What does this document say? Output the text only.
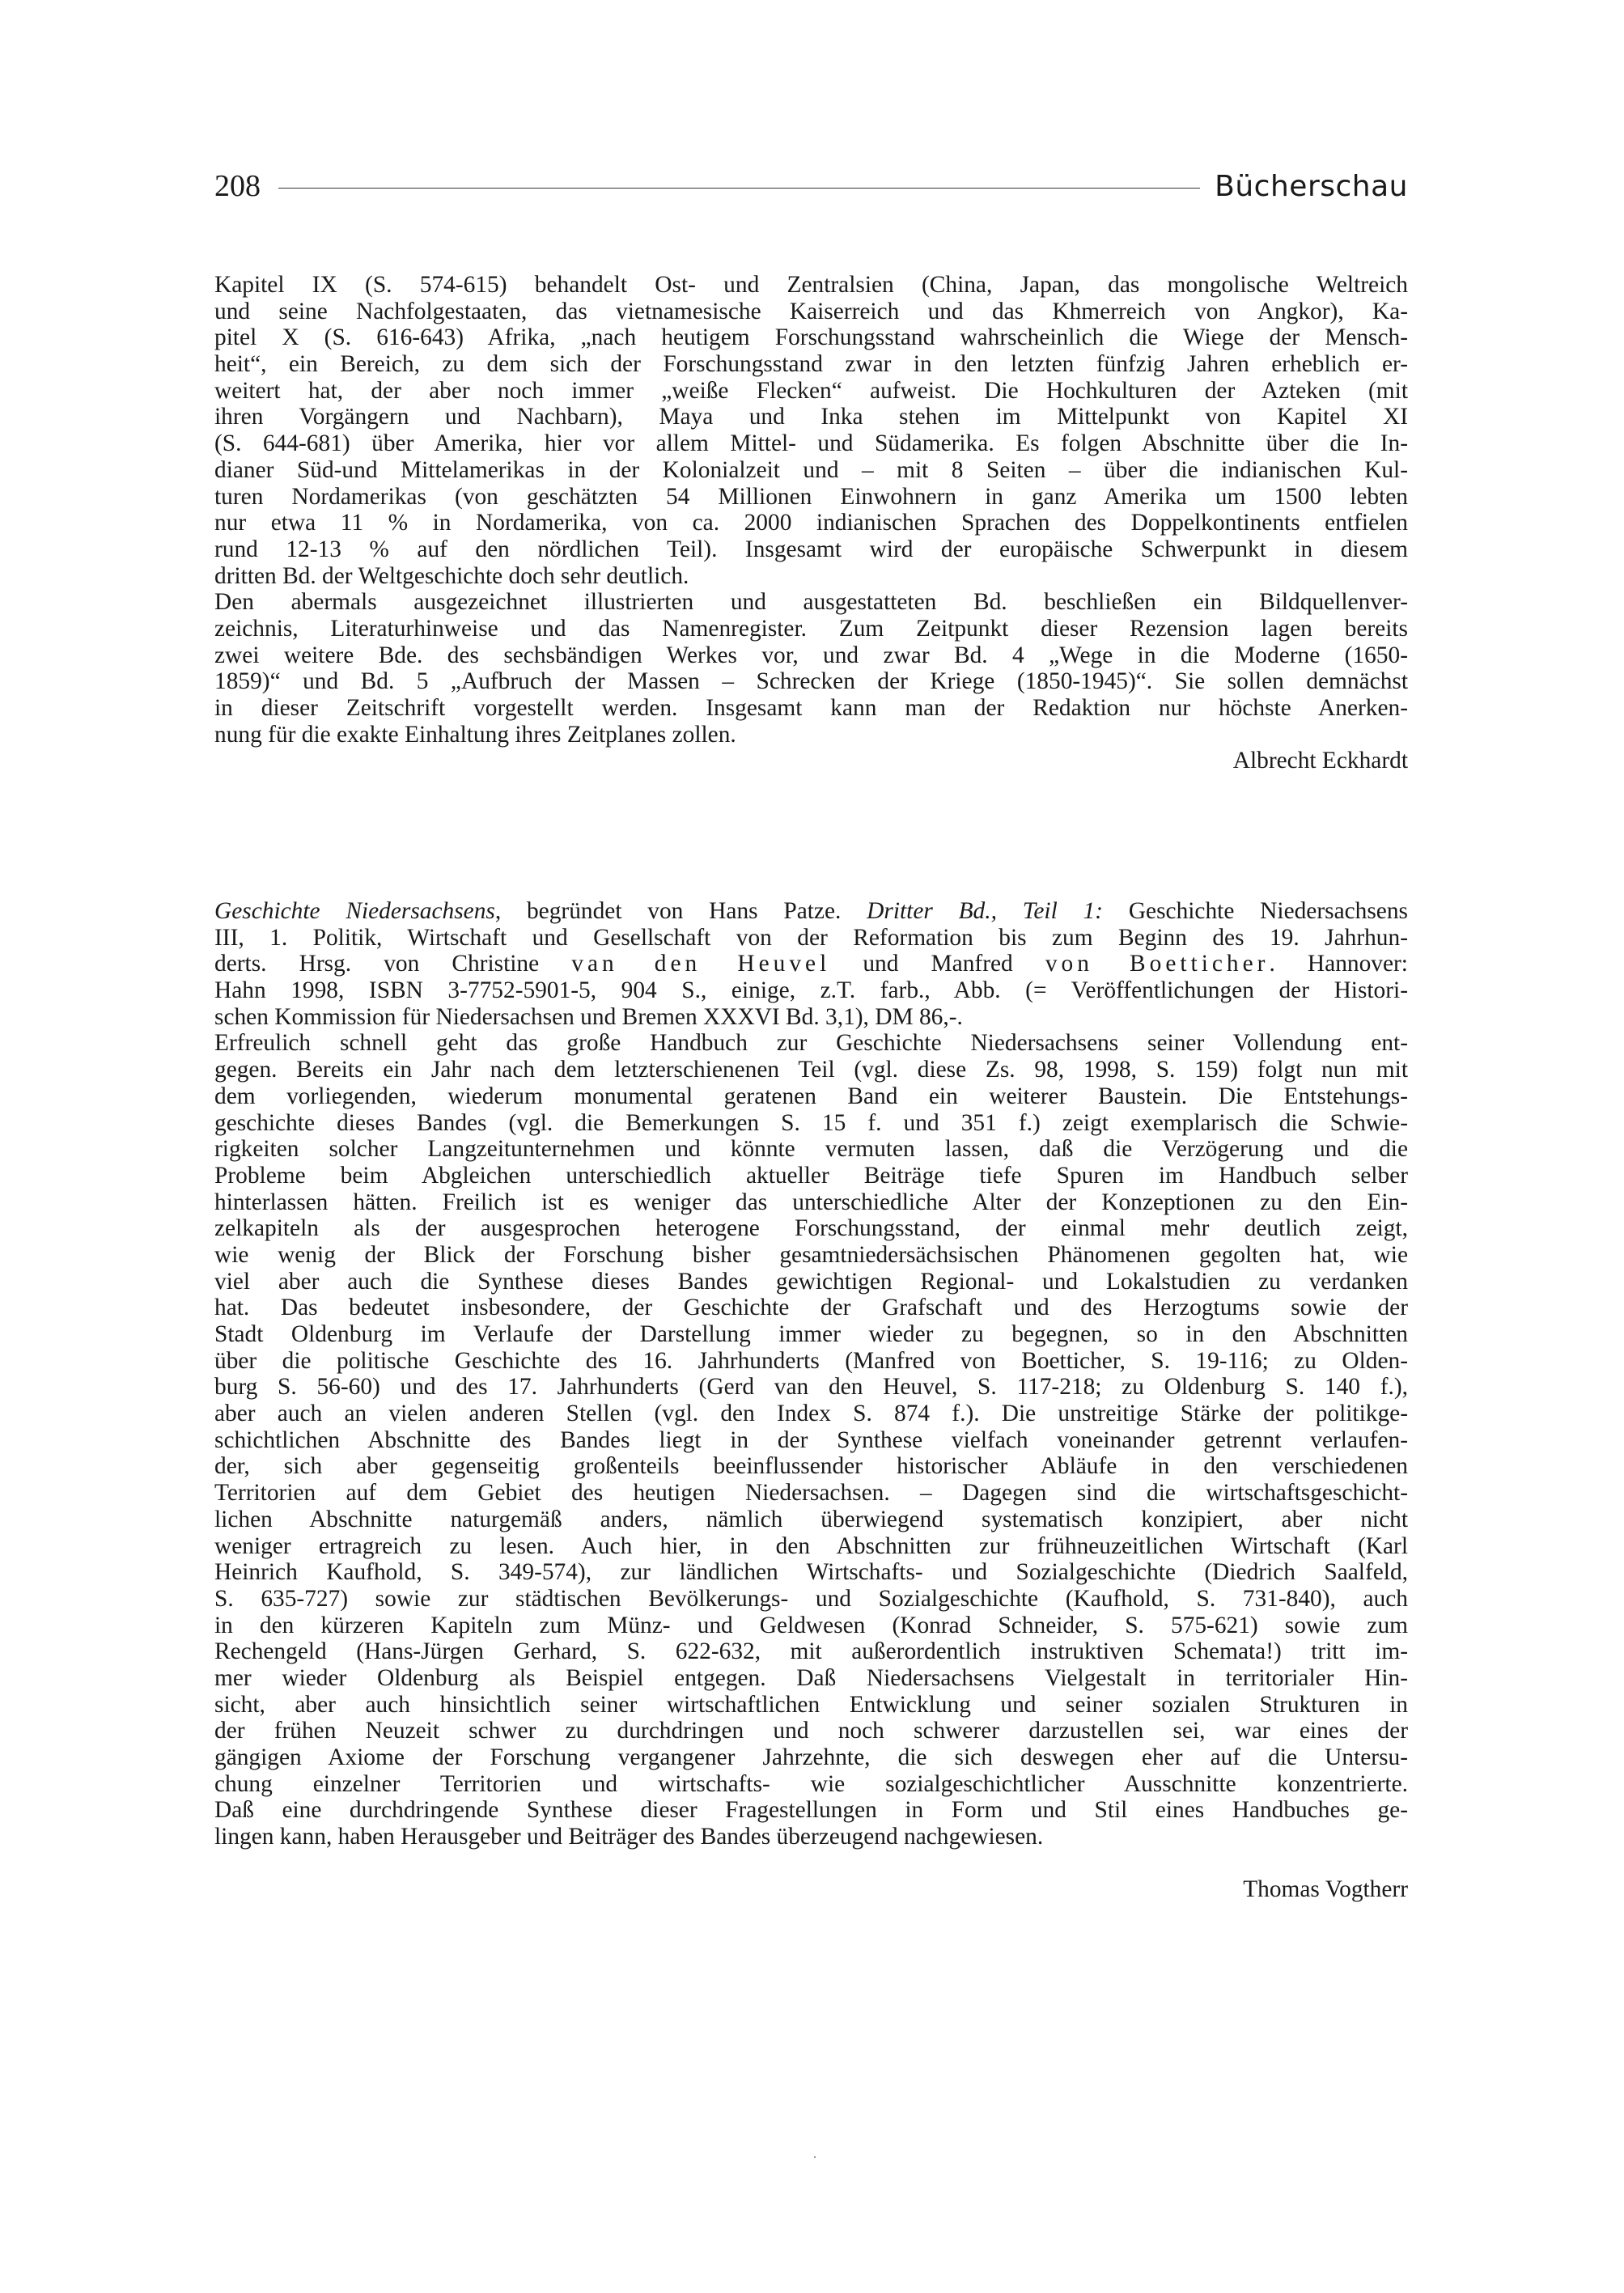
208	Bücherschau
Kapitel IX (S. 574-615) behandelt Ost- und Zentralsien (China, Japan, das mongolische Weltreich
und seine Nachfolgestaaten, das vietnamesische Kaiserreich und das Khmerreich von Angkor), Ka-
pitel X (S. 616-643) Afrika, „nach heutigem Forschungsstand wahrscheinlich die Wiege der Mensch-
heit“, ein Bereich, zu dem sich der Forschungsstand zwar in den letzten fünfzig Jahren erheblich er-
weitert hat, der aber noch immer „weiße Flecken“ aufweist. Die Hochkulturen der Azteken (mit
ihren Vorgängern und Nachbarn), Maya und Inka stehen im Mittelpunkt von Kapitel XI
(S. 644-681) über Amerika, hier vor allem Mittel- und Südamerika. Es folgen Abschnitte über die In-
dianer Süd-und Mittelamerikas in der Kolonialzeit und – mit 8 Seiten – über die indianischen Kul-
turen Nordamerikas (von geschätzten 54 Millionen Einwohnern in ganz Amerika um 1500 lebten
nur etwa 11 % in Nordamerika, von ca. 2000 indianischen Sprachen des Doppelkontinents entfielen
rund 12-13 % auf den nördlichen Teil). Insgesamt wird der europäische Schwerpunkt in diesem
dritten Bd. der Weltgeschichte doch sehr deutlich.
Den abermals ausgezeichnet illustrierten und ausgestatteten Bd. beschließen ein Bildquellenver-
zeichnis, Literaturhinweise und das Namenregister. Zum Zeitpunkt dieser Rezension lagen bereits
zwei weitere Bde. des sechsbändigen Werkes vor, und zwar Bd. 4 „Wege in die Moderne (1650-
1859)“ und Bd. 5 „Aufbruch der Massen – Schrecken der Kriege (1850-1945)“. Sie sollen demnächst
in dieser Zeitschrift vorgestellt werden. Insgesamt kann man der Redaktion nur höchste Anerken-
nung für die exakte Einhaltung ihres Zeitplanes zollen.
Albrecht Eckhardt
Geschichte Niedersachsens, begründet von Hans Patze. Dritter Bd., Teil 1: Geschichte Niedersachsens
III, 1. Politik, Wirtschaft und Gesellschaft von der Reformation bis zum Beginn des 19. Jahrhun-
derts. Hrsg. von Christine van den Heuvel und Manfred von Boetticher. Hannover:
Hahn 1998, ISBN 3-7752-5901-5, 904 S., einige, z.T. farb., Abb. (= Veröffentlichungen der Histori-
schen Kommission für Niedersachsen und Bremen XXXVI Bd. 3,1), DM 86,-.
Erfreulich schnell geht das große Handbuch zur Geschichte Niedersachsens seiner Vollendung ent-
gegen. Bereits ein Jahr nach dem letzterschienenen Teil (vgl. diese Zs. 98, 1998, S. 159) folgt nun mit
dem vorliegenden, wiederum monumental geratenen Band ein weiterer Baustein. Die Entstehungs-
geschichte dieses Bandes (vgl. die Bemerkungen S. 15 f. und 351 f.) zeigt exemplarisch die Schwie-
rigkeiten solcher Langzeitunternehmen und könnte vermuten lassen, daß die Verzögerung und die
Probleme beim Abgleichen unterschiedlich aktueller Beiträge tiefe Spuren im Handbuch selber
hinterlassen hätten. Freilich ist es weniger das unterschiedliche Alter der Konzeptionen zu den Ein-
zelkapiteln als der ausgesprochen heterogene Forschungsstand, der einmal mehr deutlich zeigt,
wie wenig der Blick der Forschung bisher gesamtniedersächsischen Phänomenen gegolten hat, wie
viel aber auch die Synthese dieses Bandes gewichtigen Regional- und Lokalstudien zu verdanken
hat. Das bedeutet insbesondere, der Geschichte der Grafschaft und des Herzogtums sowie der
Stadt Oldenburg im Verlaufe der Darstellung immer wieder zu begegnen, so in den Abschnitten
über die politische Geschichte des 16. Jahrhunderts (Manfred von Boetticher, S. 19-116; zu Olden-
burg S. 56-60) und des 17. Jahrhunderts (Gerd van den Heuvel, S. 117-218; zu Oldenburg S. 140 f.),
aber auch an vielen anderen Stellen (vgl. den Index S. 874 f.). Die unstreitige Stärke der politikge-
schichtlichen Abschnitte des Bandes liegt in der Synthese vielfach voneinander getrennt verlaufen-
der, sich aber gegenseitig großenteils beeinflussender historischer Abläufe in den verschiedenen
Territorien auf dem Gebiet des heutigen Niedersachsen. – Dagegen sind die wirtschaftsgeschicht-
lichen Abschnitte naturgemäß anders, nämlich überwiegend systematisch konzipiert, aber nicht
weniger ertragreich zu lesen. Auch hier, in den Abschnitten zur frühneuzeitlichen Wirtschaft (Karl
Heinrich Kaufhold, S. 349-574), zur ländlichen Wirtschafts- und Sozialgeschichte (Diedrich Saalfeld,
S. 635-727) sowie zur städtischen Bevölkerungs- und Sozialgeschichte (Kaufhold, S. 731-840), auch
in den kürzeren Kapiteln zum Münz- und Geldwesen (Konrad Schneider, S. 575-621) sowie zum
Rechengeld (Hans-Jürgen Gerhard, S. 622-632, mit außerordentlich instruktiven Schemata!) tritt im-
mer wieder Oldenburg als Beispiel entgegen. Daß Niedersachsens Vielgestalt in territorialer Hin-
sicht, aber auch hinsichtlich seiner wirtschaftlichen Entwicklung und seiner sozialen Strukturen in
der frühen Neuzeit schwer zu durchdringen und noch schwerer darzustellen sei, war eines der
gängigen Axiome der Forschung vergangener Jahrzehnte, die sich deswegen eher auf die Untersu-
chung einzelner Territorien und wirtschafts- wie sozialgeschichtlicher Ausschnitte konzentrierte.
Daß eine durchdringende Synthese dieser Fragestellungen in Form und Stil eines Handbuches ge-
lingen kann, haben Herausgeber und Beiträger des Bandes überzeugend nachgewiesen.
Thomas Vogtherr
